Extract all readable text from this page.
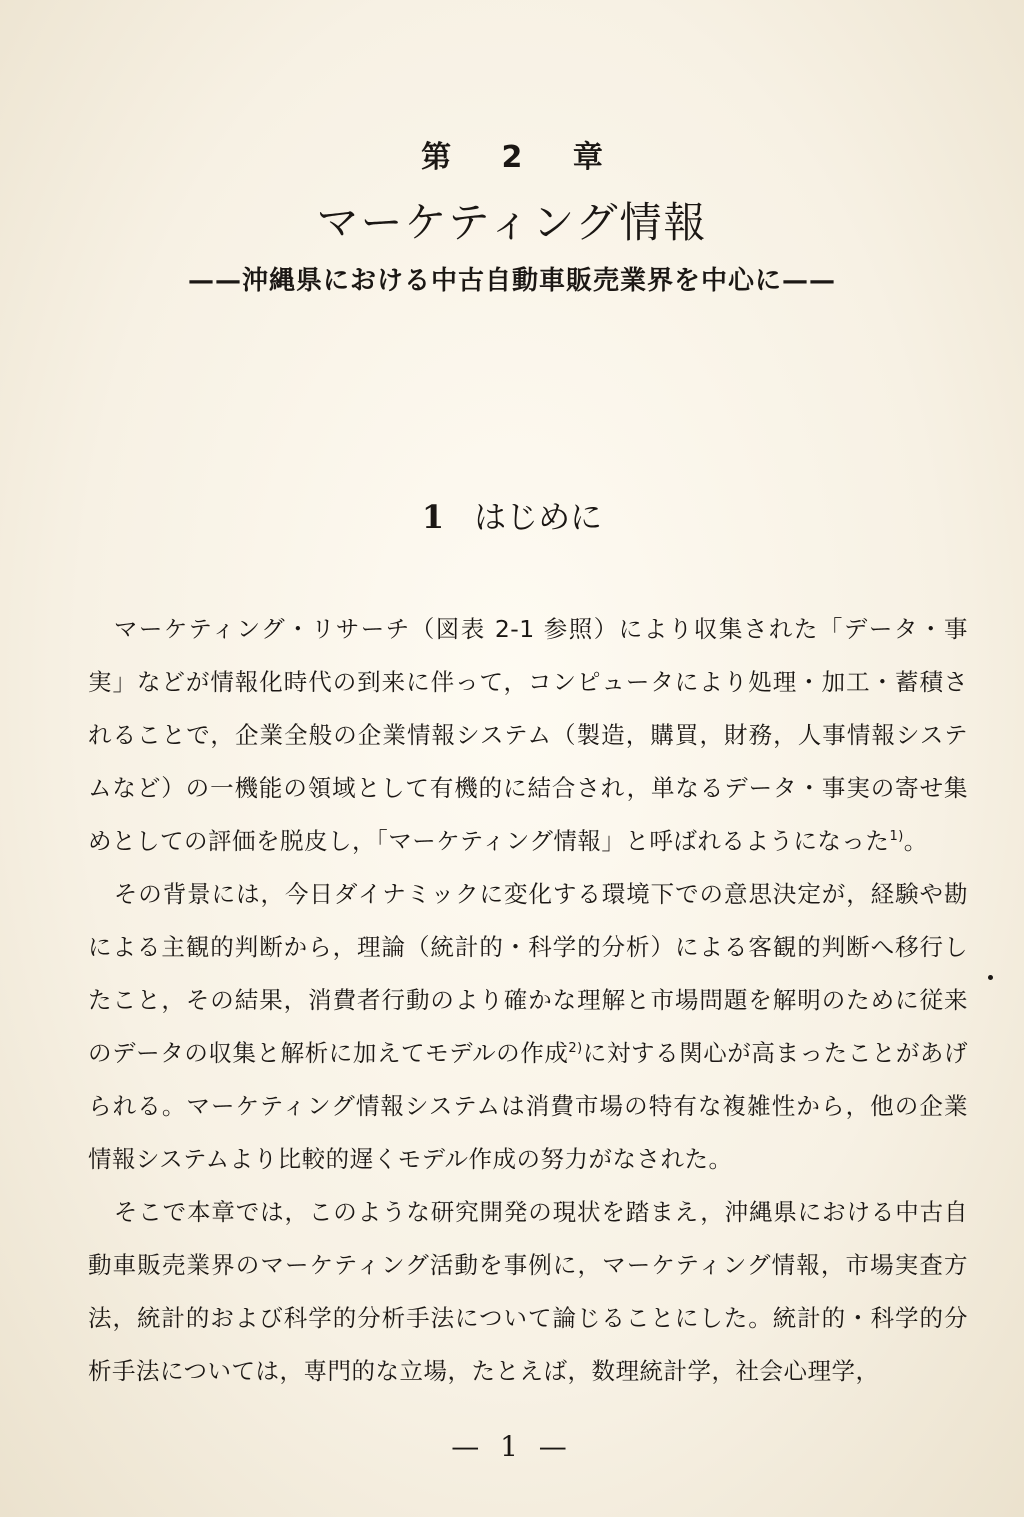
第 2 章
マーケティング情報
——沖縄県における中古自動車販売業界を中心に——
1 はじめに

マーケティング・リサーチ（図表 2-1 参照）により収集された「データ・事実」などが情報化時代の到来に伴って，コンピュータにより処理・加工・蓄積されることで，企業全般の企業情報システム（製造，購買，財務，人事情報システムなど）の一機能の領域として有機的に結合され，単なるデータ・事実の寄せ集めとしての評価を脱皮し，「マーケティング情報」と呼ばれるようになった$^{1)}$。

その背景には，今日ダイナミックに変化する環境下での意思決定が，経験や勘による主観的判断から，理論（統計的・科学的分析）による客観的判断へ移行したこと，その結果，消費者行動のより確かな理解と市場問題を解明のために従来のデータの収集と解析に加えてモデルの作成$^{2)}$に対する関心が高まったことがあげられる。マーケティング情報システムは消費市場の特有な複雑性から，他の企業情報システムより比較的遅くモデル作成の努力がなされた。

そこで本章では，このような研究開発の現状を踏まえ，沖縄県における中古自動車販売業界のマーケティング活動を事例に，マーケティング情報，市場実査方法，統計的および科学的分析手法について論じることにした。統計的・科学的分析手法については，専門的な立場，たとえば，数理統計学，社会心理学，

— 1 —
